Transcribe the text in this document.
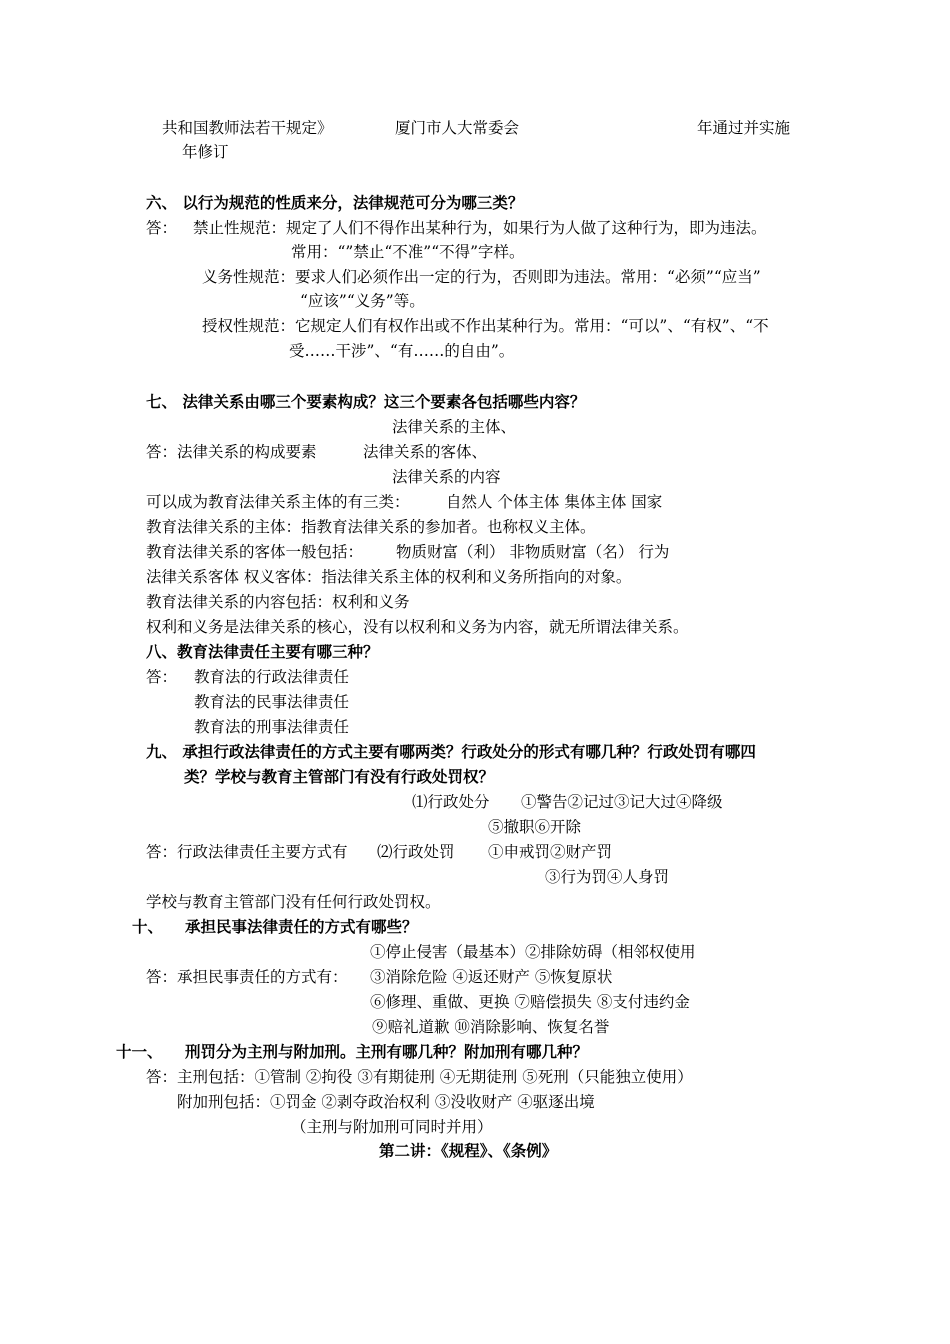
共和国教师法若干规定》	厦门市人大常委会	年通过并实施
年修订
六、 以行为规范的性质来分，法律规范可分为哪三类？
答： 禁止性规范：规定了人们不得作出某种行为，如果行为人做了这种行为，即为违法。
常用：“”禁止“不准”“不得”字样。
义务性规范：要求人们必须作出一定的行为，否则即为违法。常用：“必须”“应当”
“应该”“义务”等。
授权性规范：它规定人们有权作出或不作出某种行为。常用：“可以”、“有权”、“不
受……干涉”、“有……的自由”。
七、 法律关系由哪三个要素构成？这三个要素各包括哪些内容？
法律关系的主体、
答：法律关系的构成要素	法律关系的客体、
法律关系的内容
可以成为教育法律关系主体的有三类： 自然人 个体主体 集体主体 国家
教育法律关系的主体：指教育法律关系的参加者。也称权义主体。
教育法律关系的客体一般包括： 物质财富（利） 非物质财富（名） 行为
法律关系客体 权义客体：指法律关系主体的权利和义务所指向的对象。
教育法律关系的内容包括：权利和义务
权利和义务是法律关系的核心，没有以权利和义务为内容，就无所谓法律关系。
八、教育法律责任主要有哪三种？
答： 教育法的行政法律责任
教育法的民事法律责任
教育法的刑事法律责任
九、 承担行政法律责任的方式主要有哪两类？行政处分的形式有哪几种？行政处罚有哪四
类？学校与教育主管部门有没有行政处罚权？
⑴行政处分 ①警告②记过③记大过④降级
⑤撤职⑥开除
答：行政法律责任主要方式有 ⑵行政处罚 ①申戒罚②财产罚
③行为罚④人身罚
学校与教育主管部门没有任何行政处罚权。
十、 承担民事法律责任的方式有哪些？
①停止侵害（最基本）②排除妨碍（相邻权使用
答：承担民事责任的方式有： ③消除危险 ④返还财产 ⑤恢复原状
⑥修理、重做、更换 ⑦赔偿损失 ⑧支付违约金
⑨赔礼道歉 ⑩消除影响、恢复名誉
十一、 刑罚分为主刑与附加刑。主刑有哪几种？附加刑有哪几种？
答：主刑包括：①管制 ②拘役 ③有期徒刑 ④无期徒刑 ⑤死刑（只能独立使用）
附加刑包括：①罚金 ②剥夺政治权利 ③没收财产 ④驱逐出境
（主刑与附加刑可同时并用）
第二讲：《规程》、《条例》
